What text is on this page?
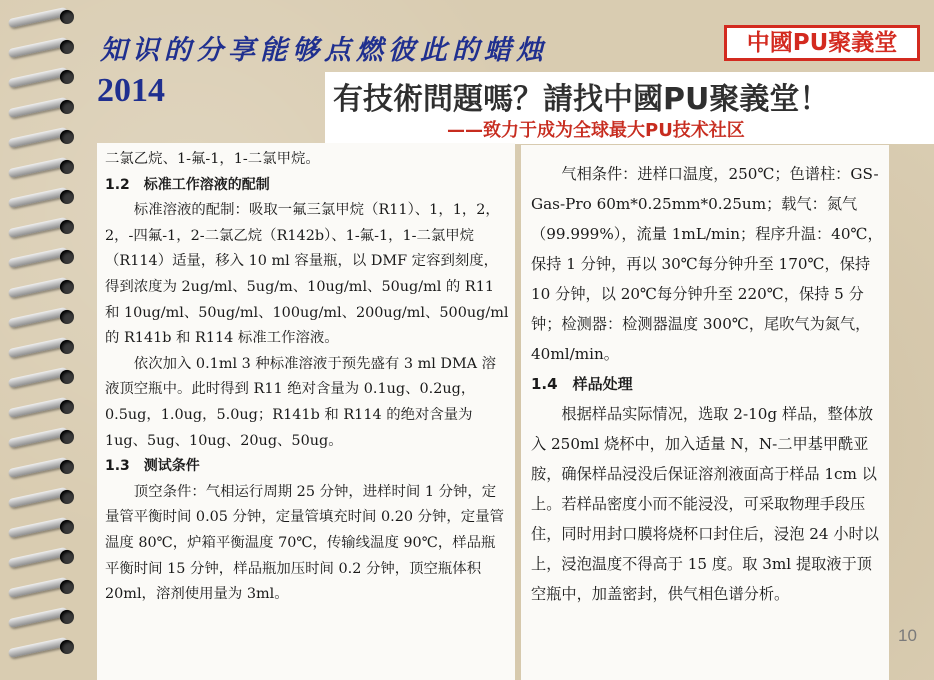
知识的分享能够点燃彼此的蜡烛
2014
中國PU聚義堂
有技術問題嗎？請找中國PU聚義堂！
——致力于成为全球最大PU技术社区

二氯乙烷、1-氟-1，1-二氯甲烷。

1.2　标准工作溶液的配制

标准溶液的配制：吸取一氟三氯甲烷（R11）、1，1，2，2，-四氟-1，2-二氯乙烷（R142b）、1-氟-1，1-二氯甲烷（R114）适量，移入 10 ml 容量瓶，以 DMF 定容到刻度，得到浓度为 2ug/ml、5ug/m、10ug/ml、50ug/ml 的 R11 和 10ug/ml、50ug/ml、100ug/ml、200ug/ml、500ug/ml 的 R141b 和 R114 标准工作溶液。

依次加入 0.1ml 3 种标准溶液于预先盛有 3 ml DMA 溶液顶空瓶中。此时得到 R11 绝对含量为 0.1ug、0.2ug，0.5ug，1.0ug，5.0ug；R141b 和 R114 的绝对含量为 1ug、5ug、10ug、20ug、50ug。

1.3　测试条件

顶空条件：气相运行周期 25 分钟，进样时间 1 分钟，定量管平衡时间 0.05 分钟，定量管填充时间 0.20 分钟，定量管温度 80℃，炉箱平衡温度 70℃，传输线温度 90℃，样品瓶平衡时间 15 分钟，样品瓶加压时间 0.2 分钟，顶空瓶体积 20ml，溶剂使用量为 3ml。

气相条件：进样口温度，250℃；色谱柱：GS-Gas-Pro 60m*0.25mm*0.25um；载气：氮气（99.999%），流量 1mL/min；程序升温：40℃，保持 1 分钟，再以 30℃每分钟升至 170℃，保持 10 分钟，以 20℃每分钟升至 220℃，保持 5 分钟；检测器：检测器温度 300℃，尾吹气为氮气，40ml/min。

1.4　样品处理

根据样品实际情况，选取 2-10g 样品，整体放入 250ml 烧杯中，加入适量 N，N-二甲基甲酰亚胺，确保样品浸没后保证溶剂液面高于样品 1cm 以上。若样品密度小而不能浸没，可采取物理手段压住，同时用封口膜将烧杯口封住后，浸泡 24 小时以上，浸泡温度不得高于 15 度。取 3ml 提取液于顶空瓶中，加盖密封，供气相色谱分析。

10
